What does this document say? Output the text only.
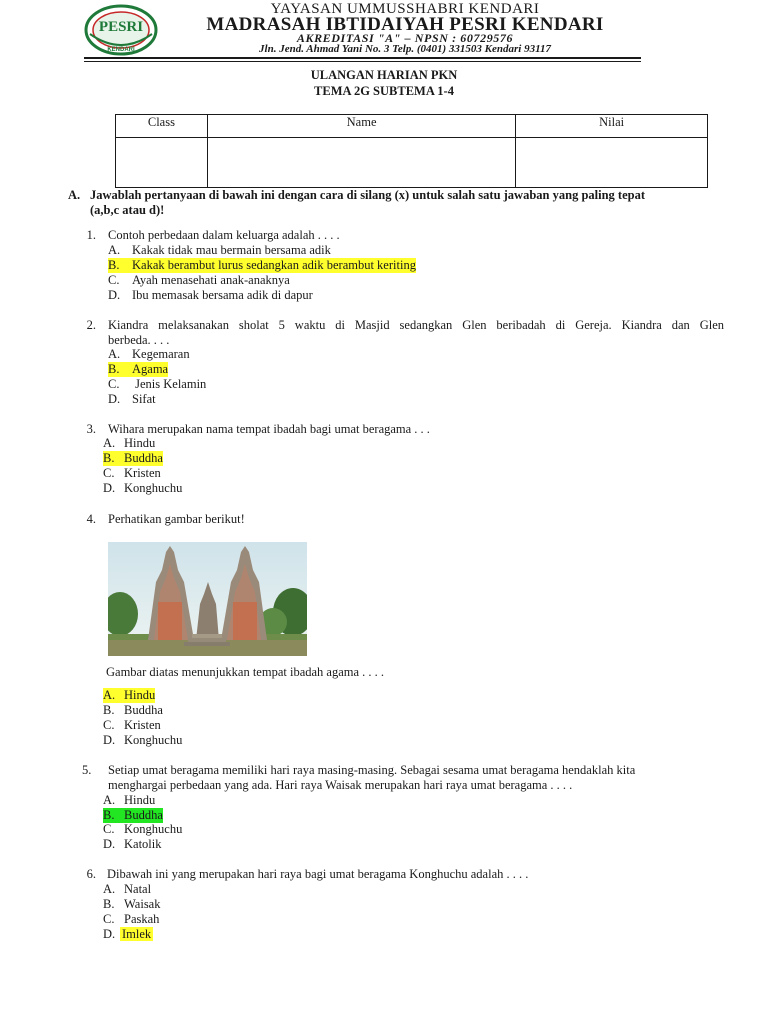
PESRI
KENDARI
YAYASAN UMMUSSHABRI KENDARI
MADRASAH IBTIDAIYAH PESRI KENDARI
AKREDITASI "A" – NPSN : 60729576
Jln. Jend. Ahmad Yani No. 3 Telp. (0401) 331503 Kendari 93117
ULANGAN HARIAN PKN
TEMA 2G SUBTEMA 1-4
Class	Name	Nilai

A. Jawablah pertanyaan di bawah ini dengan cara di silang (x) untuk salah satu jawaban yang paling tepat
(a,b,c atau d)!
1. Contoh perbedaan dalam keluarga adalah . . . .
A. Kakak tidak mau bermain bersama adik
B. Kakak berambut lurus sedangkan adik berambut keriting
C. Ayah menasehati anak-anaknya
D. Ibu memasak bersama adik di dapur
2. Kiandra melaksanakan sholat 5 waktu di Masjid sedangkan Glen beribadah di Gereja. Kiandra dan Glen
berbeda. . . .
A. Kegemaran
B. Agama
C. Jenis Kelamin
D. Sifat
3. Wihara merupakan nama tempat ibadah bagi umat beragama . . .
A. Hindu
B. Buddha
C. Kristen
D. Konghuchu
4. Perhatikan gambar berikut!
Gambar diatas menunjukkan tempat ibadah agama . . . .
A. Hindu
B. Buddha
C. Kristen
D. Konghuchu
5. Setiap umat beragama memiliki hari raya masing-masing. Sebagai sesama umat beragama hendaklah kita
menghargai perbedaan yang ada. Hari raya Waisak merupakan hari raya umat beragama . . . .
A. Hindu
B. Buddha
C. Konghuchu
D. Katolik
6. Dibawah ini yang merupakan hari raya bagi umat beragama Konghuchu adalah . . . .
A. Natal
B. Waisak
C. Paskah
D. Imlek
